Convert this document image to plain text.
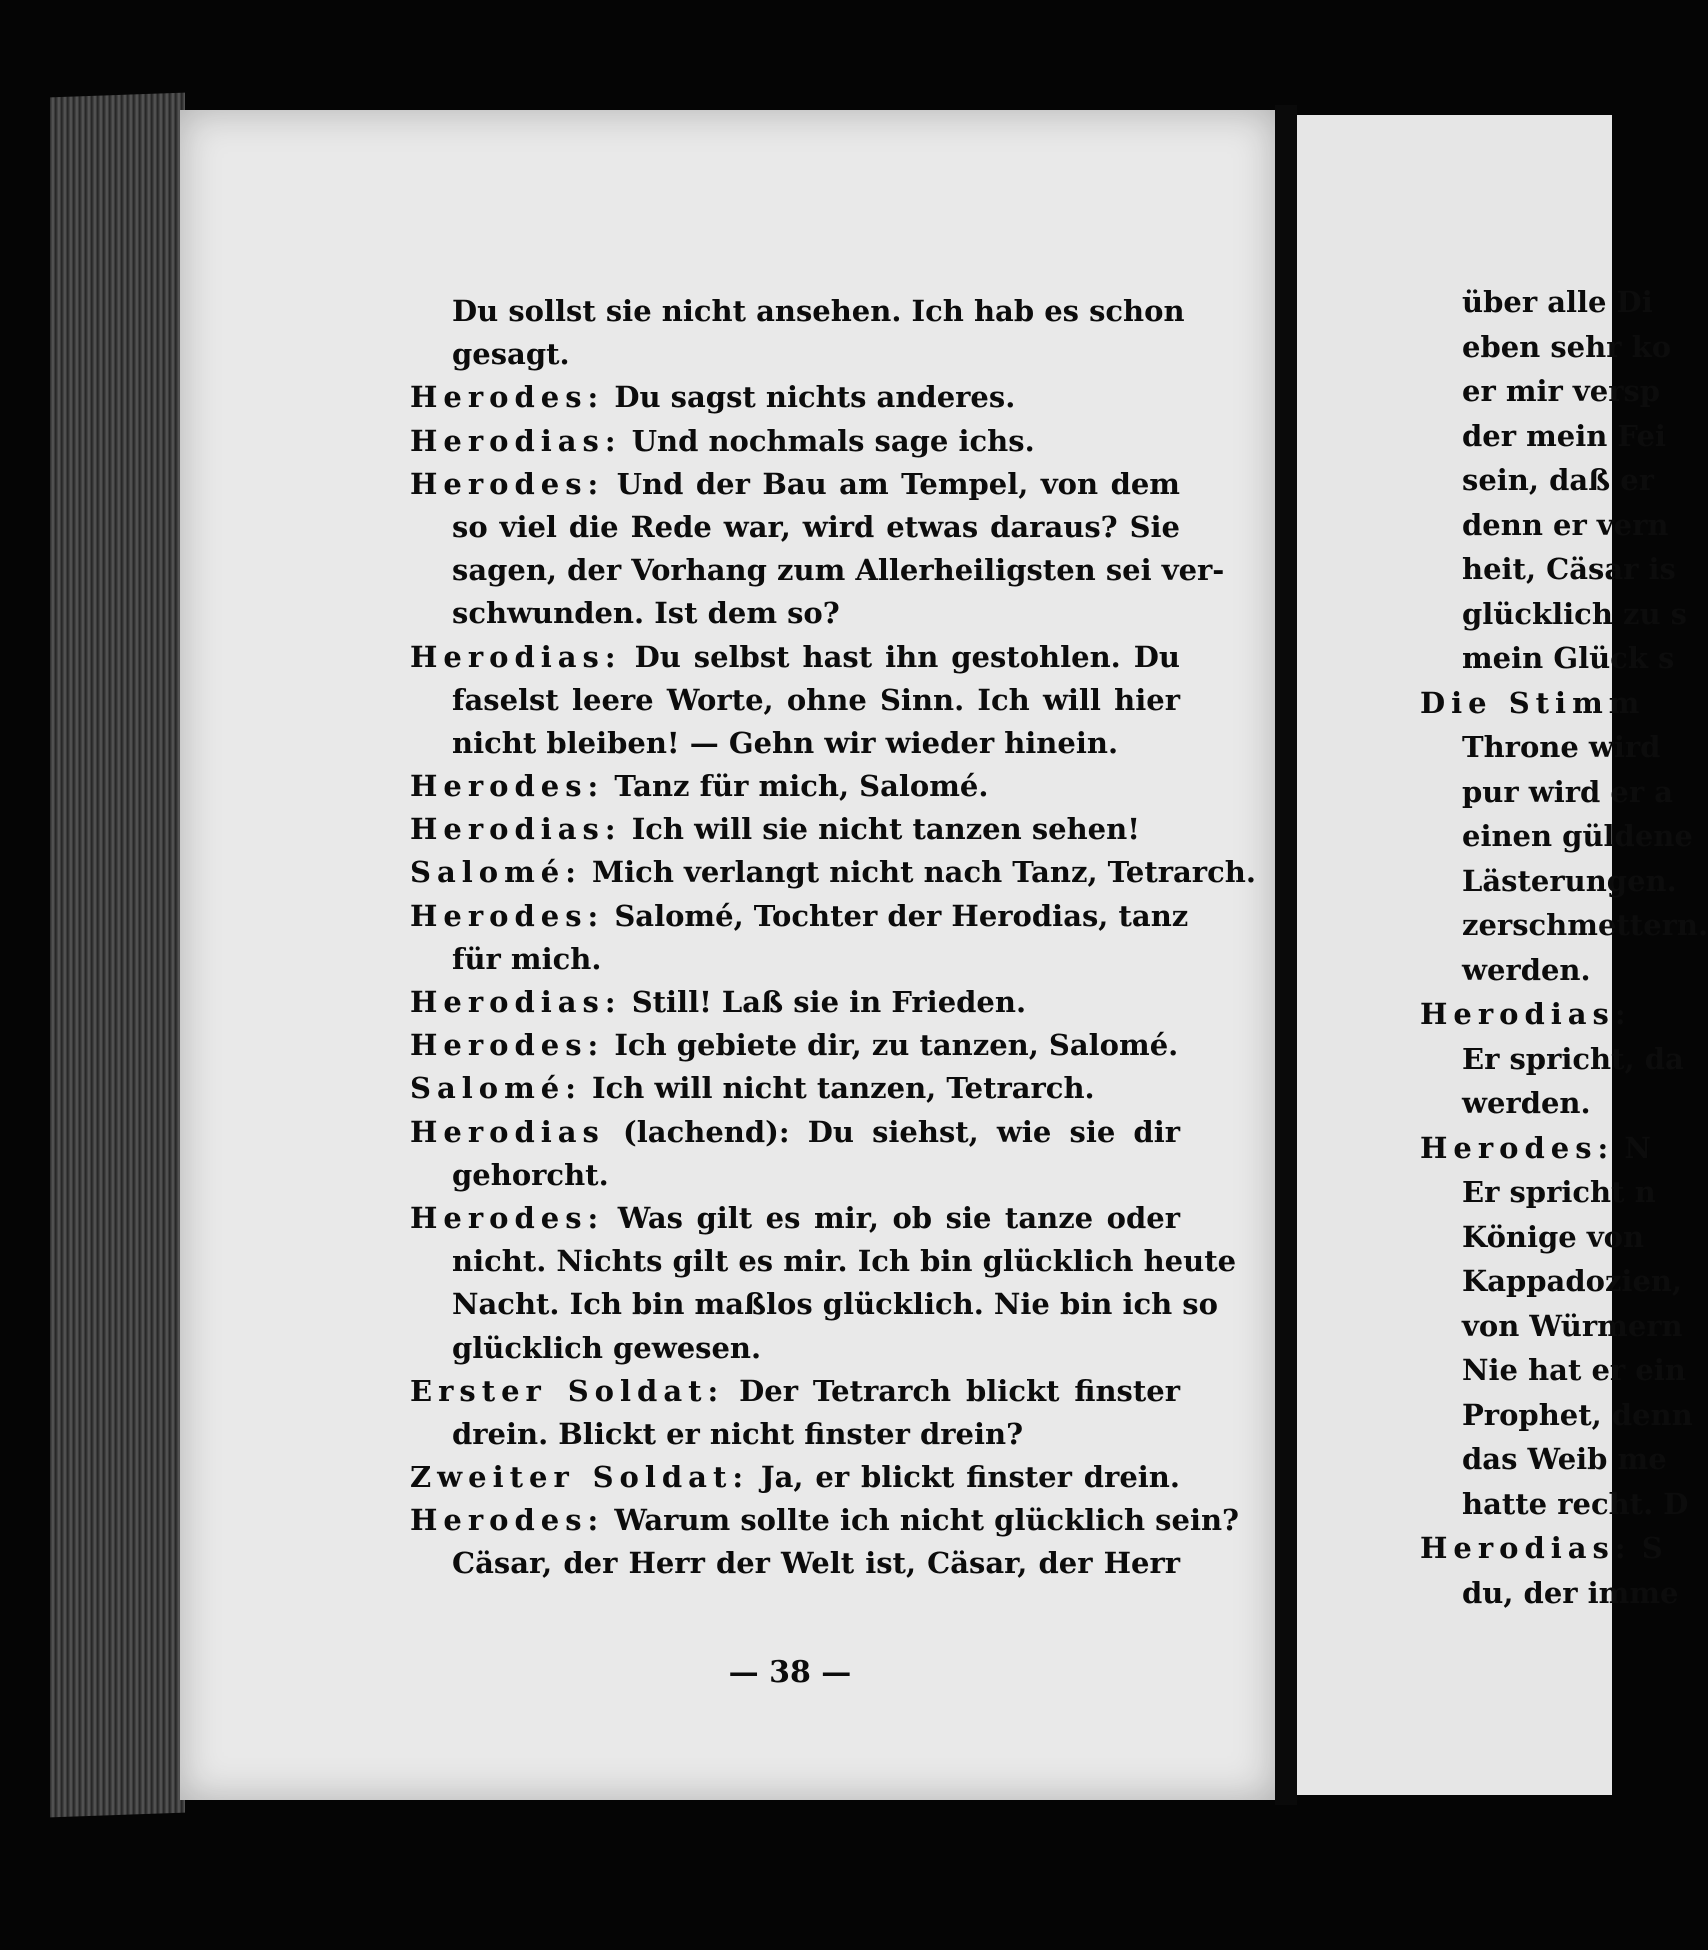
Du sollst sie nicht ansehen. Ich hab es schon
gesagt.
Herodes: Du sagst nichts anderes.
Herodias: Und nochmals sage ichs.
Herodes: Und der Bau am Tempel, von dem
so viel die Rede war, wird etwas daraus? Sie
sagen, der Vorhang zum Allerheiligsten sei ver-
schwunden. Ist dem so?
Herodias: Du selbst hast ihn gestohlen. Du
faselst leere Worte, ohne Sinn. Ich will hier
nicht bleiben! — Gehn wir wieder hinein.
Herodes: Tanz für mich, Salomé.
Herodias: Ich will sie nicht tanzen sehen!
Salomé: Mich verlangt nicht nach Tanz, Tetrarch.
Herodes: Salomé, Tochter der Herodias, tanz
für mich.
Herodias: Still! Laß sie in Frieden.
Herodes: Ich gebiete dir, zu tanzen, Salomé.
Salomé: Ich will nicht tanzen, Tetrarch.
Herodias (lachend): Du siehst, wie sie dir
gehorcht.
Herodes: Was gilt es mir, ob sie tanze oder
nicht. Nichts gilt es mir. Ich bin glücklich heute
Nacht. Ich bin maßlos glücklich. Nie bin ich so
glücklich gewesen.
Erster Soldat: Der Tetrarch blickt finster
drein. Blickt er nicht finster drein?
Zweiter Soldat: Ja, er blickt finster drein.
Herodes: Warum sollte ich nicht glücklich sein?
Cäsar, der Herr der Welt ist, Cäsar, der Herr
— 38 —
über alle Di
eben sehr ko
er mir versp
der mein Fei
sein, daß er
denn er vern
heit, Cäsar is
glücklich zu s
mein Glück s
Die Stimm
Throne wird
pur wird er a
einen güldene
Lästerungen.
zerschmettern.
werden.
Herodias:
Er spricht, da
werden.
Herodes: N
Er spricht n
Könige von
Kappadozien,
von Würmern
Nie hat er ein
Prophet, denn
das Weib me
hatte recht. D
Herodias: S
du, der imme
